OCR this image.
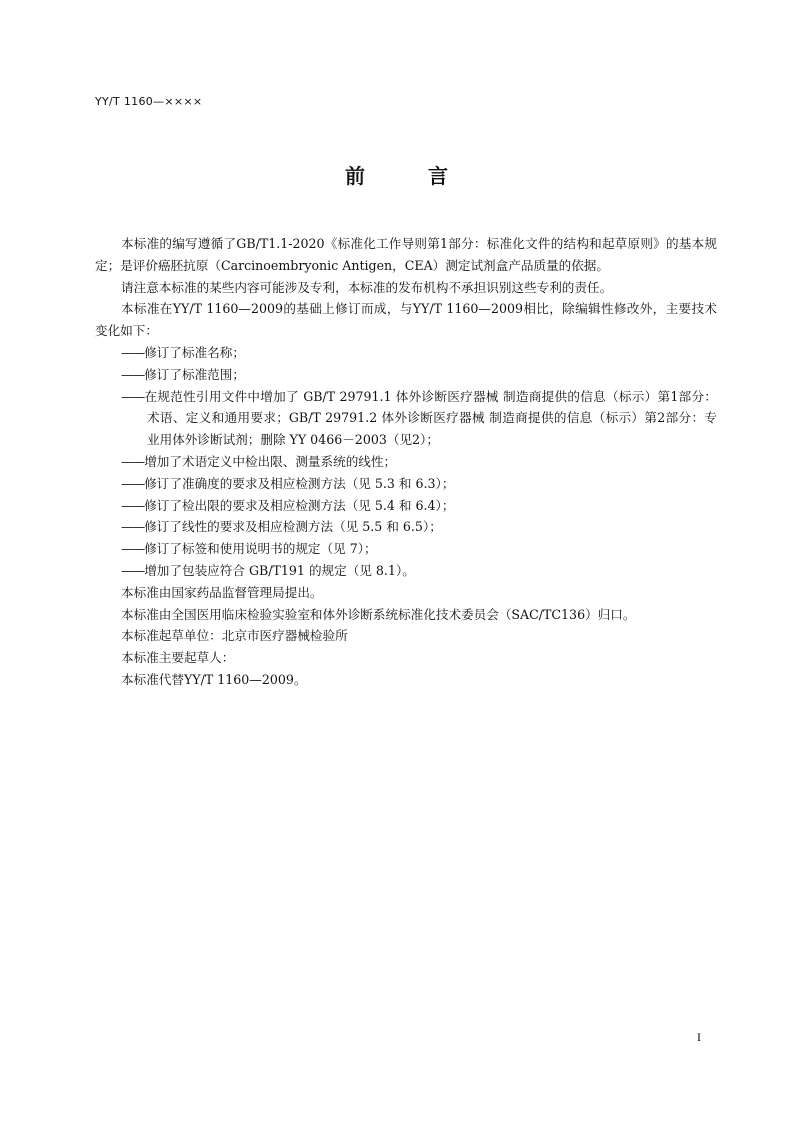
YY/T 1160—××××
前 言

本标准的编写遵循了GB/T1.1-2020《标准化工作导则第1部分：标准化文件的结构和起草原则》的基本规定；是评价癌胚抗原（Carcinoembryonic Antigen，CEA）测定试剂盒产品质量的依据。

请注意本标准的某些内容可能涉及专利，本标准的发布机构不承担识别这些专利的责任。

本标准在YY/T 1160—2009的基础上修订而成，与YY/T 1160—2009相比，除编辑性修改外，主要技术变化如下：

——修订了标准名称；

——修订了标准范围；

——在规范性引用文件中增加了 GB/T 29791.1 体外诊断医疗器械 制造商提供的信息（标示）第1部分：术语、定义和通用要求；GB/T 29791.2 体外诊断医疗器械 制造商提供的信息（标示）第2部分：专业用体外诊断试剂；删除 YY 0466－2003（见2）；

——增加了术语定义中检出限、测量系统的线性；

——修订了准确度的要求及相应检测方法（见 5.3 和 6.3）；

——修订了检出限的要求及相应检测方法（见 5.4 和 6.4）；

——修订了线性的要求及相应检测方法（见 5.5 和 6.5）；

——修订了标签和使用说明书的规定（见 7）；

——增加了包装应符合 GB/T191 的规定（见 8.1）。

本标准由国家药品监督管理局提出。

本标准由全国医用临床检验实验室和体外诊断系统标准化技术委员会（SAC/TC136）归口。

本标准起草单位：北京市医疗器械检验所

本标准主要起草人：

本标准代替YY/T 1160—2009。

I
